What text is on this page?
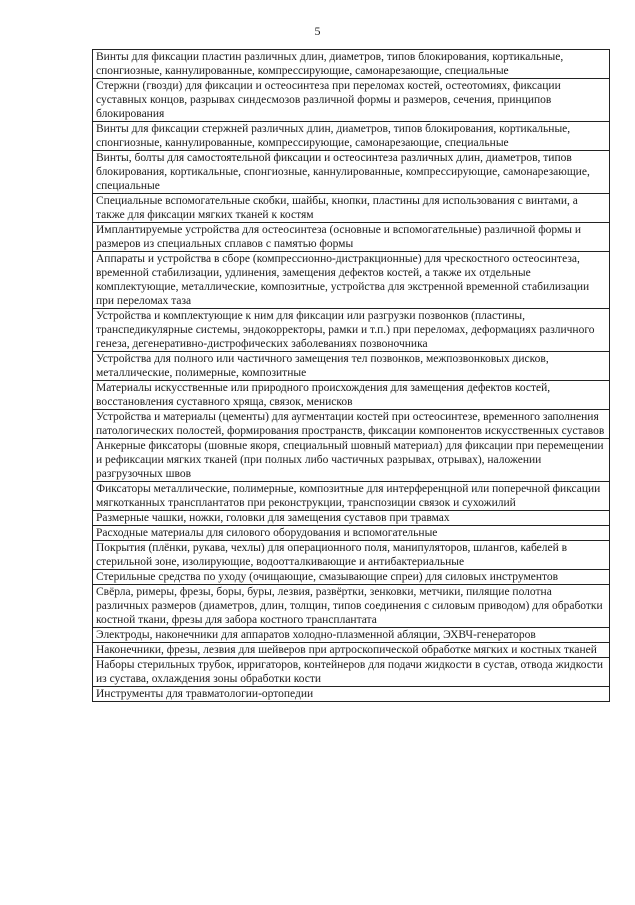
5
Винты для фиксации пластин различных длин, диаметров, типов блокирования, кортикальные, спонгиозные, каннулированные, компрессирующие, самонарезающие, специальные
Стержни (гвозди) для фиксации и остеосинтеза при переломах костей, остеотомиях, фиксации суставных концов, разрывах синдесмозов различной формы и размеров, сечения, принципов блокирования
Винты для фиксации стержней различных длин, диаметров, типов блокирования, кортикальные, спонгиозные, каннулированные, компрессирующие, самонарезающие, специальные
Винты, болты для самостоятельной фиксации и остеосинтеза различных длин, диаметров, типов блокирования, кортикальные, спонгиозные, каннулированные, компрессирующие, самонарезающие, специальные
Специальные вспомогательные скобки, шайбы, кнопки, пластины для использования с винтами, а также для фиксации мягких тканей к костям
Имплантируемые устройства для остеосинтеза (основные и вспомогательные) различной формы и размеров из специальных сплавов с памятью формы
Аппараты и устройства в сборе (компрессионно-дистракционные) для чрескостного остеосинтеза, временной стабилизации, удлинения, замещения дефектов костей, а также их отдельные комплектующие, металлические, композитные, устройства для экстренной временной стабилизации при переломах таза
Устройства и комплектующие к ним для фиксации или разгрузки позвонков (пластины, транспедикулярные системы, эндокорректоры, рамки и т.п.) при переломах, деформациях различного генеза, дегенеративно-дистрофических заболеваниях позвоночника
Устройства для полного или частичного замещения тел позвонков, межпозвонковых дисков, металлические, полимерные, композитные
Материалы искусственные или природного происхождения для замещения дефектов костей, восстановления суставного хряща, связок, менисков
Устройства и материалы (цементы) для аугментации костей при остеосинтезе, временного заполнения патологических полостей, формирования пространств, фиксации компонентов искусственных суставов
Анкерные фиксаторы (шовные якоря, специальный шовный материал) для фиксации при перемещении и рефиксации мягких тканей (при полных либо частичных разрывах, отрывах), наложении разгрузочных швов
Фиксаторы металлические, полимерные, композитные для интерференцной или поперечной фиксации мягкотканных трансплантатов при реконструкции, транспозиции связок и сухожилий
Размерные чашки, ножки, головки для замещения суставов при травмах
Расходные материалы для силового оборудования и вспомогательные
Покрытия (плёнки, рукава, чехлы) для операционного поля, манипуляторов, шлангов, кабелей в стерильной зоне, изолирующие, водоотталкивающие и антибактериальные
Стерильные средства по уходу (очищающие, смазывающие спреи) для силовых инструментов
Свёрла, римеры, фрезы, боры, буры, лезвия, развёртки, зенковки, метчики, пилящие полотна различных размеров (диаметров, длин, толщин, типов соединения с силовым приводом) для обработки костной ткани, фрезы для забора костного трансплантата
Электроды, наконечники для аппаратов холодно-плазменной абляции, ЭХВЧ-генераторов
Наконечники, фрезы, лезвия для шейверов при артроскопической обработке мягких и костных тканей
Наборы стерильных трубок, ирригаторов, контейнеров для подачи жидкости в сустав, отвода жидкости из сустава, охлаждения зоны обработки кости
Инструменты для травматологии-ортопедии
